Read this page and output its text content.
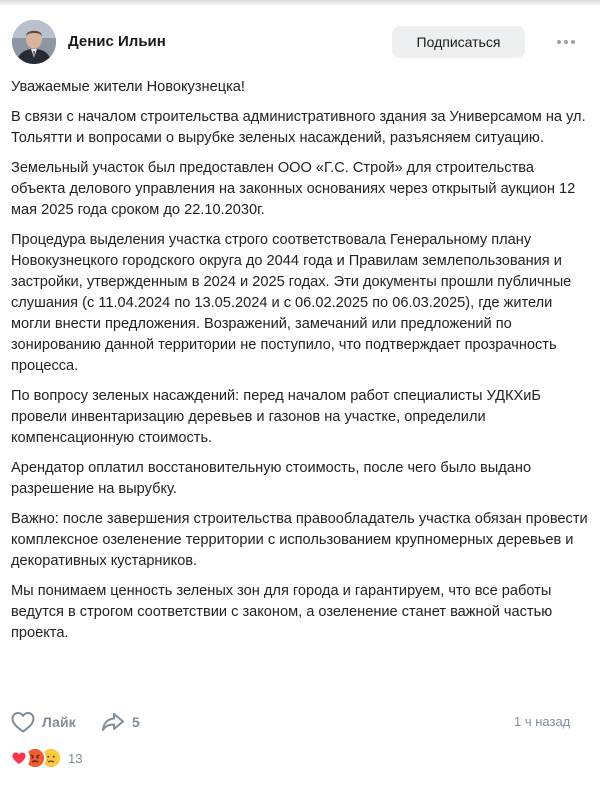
Денис Ильин	Подписаться

Уважаемые жители Новокузнецка!

В связи с началом строительства административного здания за Универсамом на ул. Тольятти и вопросами о вырубке зеленых насаждений, разъясняем ситуацию.

Земельный участок был предоставлен ООО «Г.С. Строй» для строительства объекта делового управления на законных основаниях через открытый аукцион 12 мая 2025 года сроком до 22.10.2030г.

Процедура выделения участка строго соответствовала Генеральному плану Новокузнецкого городского округа до 2044 года и Правилам землепользования и застройки, утвержденным в 2024 и 2025 годах. Эти документы прошли публичные слушания (с 11.04.2024 по 13.05.2024 и с 06.02.2025 по 06.03.2025), где жители могли внести предложения. Возражений, замечаний или предложений по зонированию данной территории не поступило, что подтверждает прозрачность процесса.

По вопросу зеленых насаждений: перед началом работ специалисты УДКХиБ провели инвентаризацию деревьев и газонов на участке, определили компенсационную стоимость.

Арендатор оплатил восстановительную стоимость, после чего было выдано разрешение на вырубку.

Важно: после завершения строительства правообладатель участка обязан провести комплексное озеленение территории с использованием крупномерных деревьев и декоративных кустарников.

Мы понимаем ценность зеленых зон для города и гарантируем, что все работы ведутся в строгом соответствии с законом, а озеленение станет важной частью проекта.

Лайк	5	1 ч назад
13
